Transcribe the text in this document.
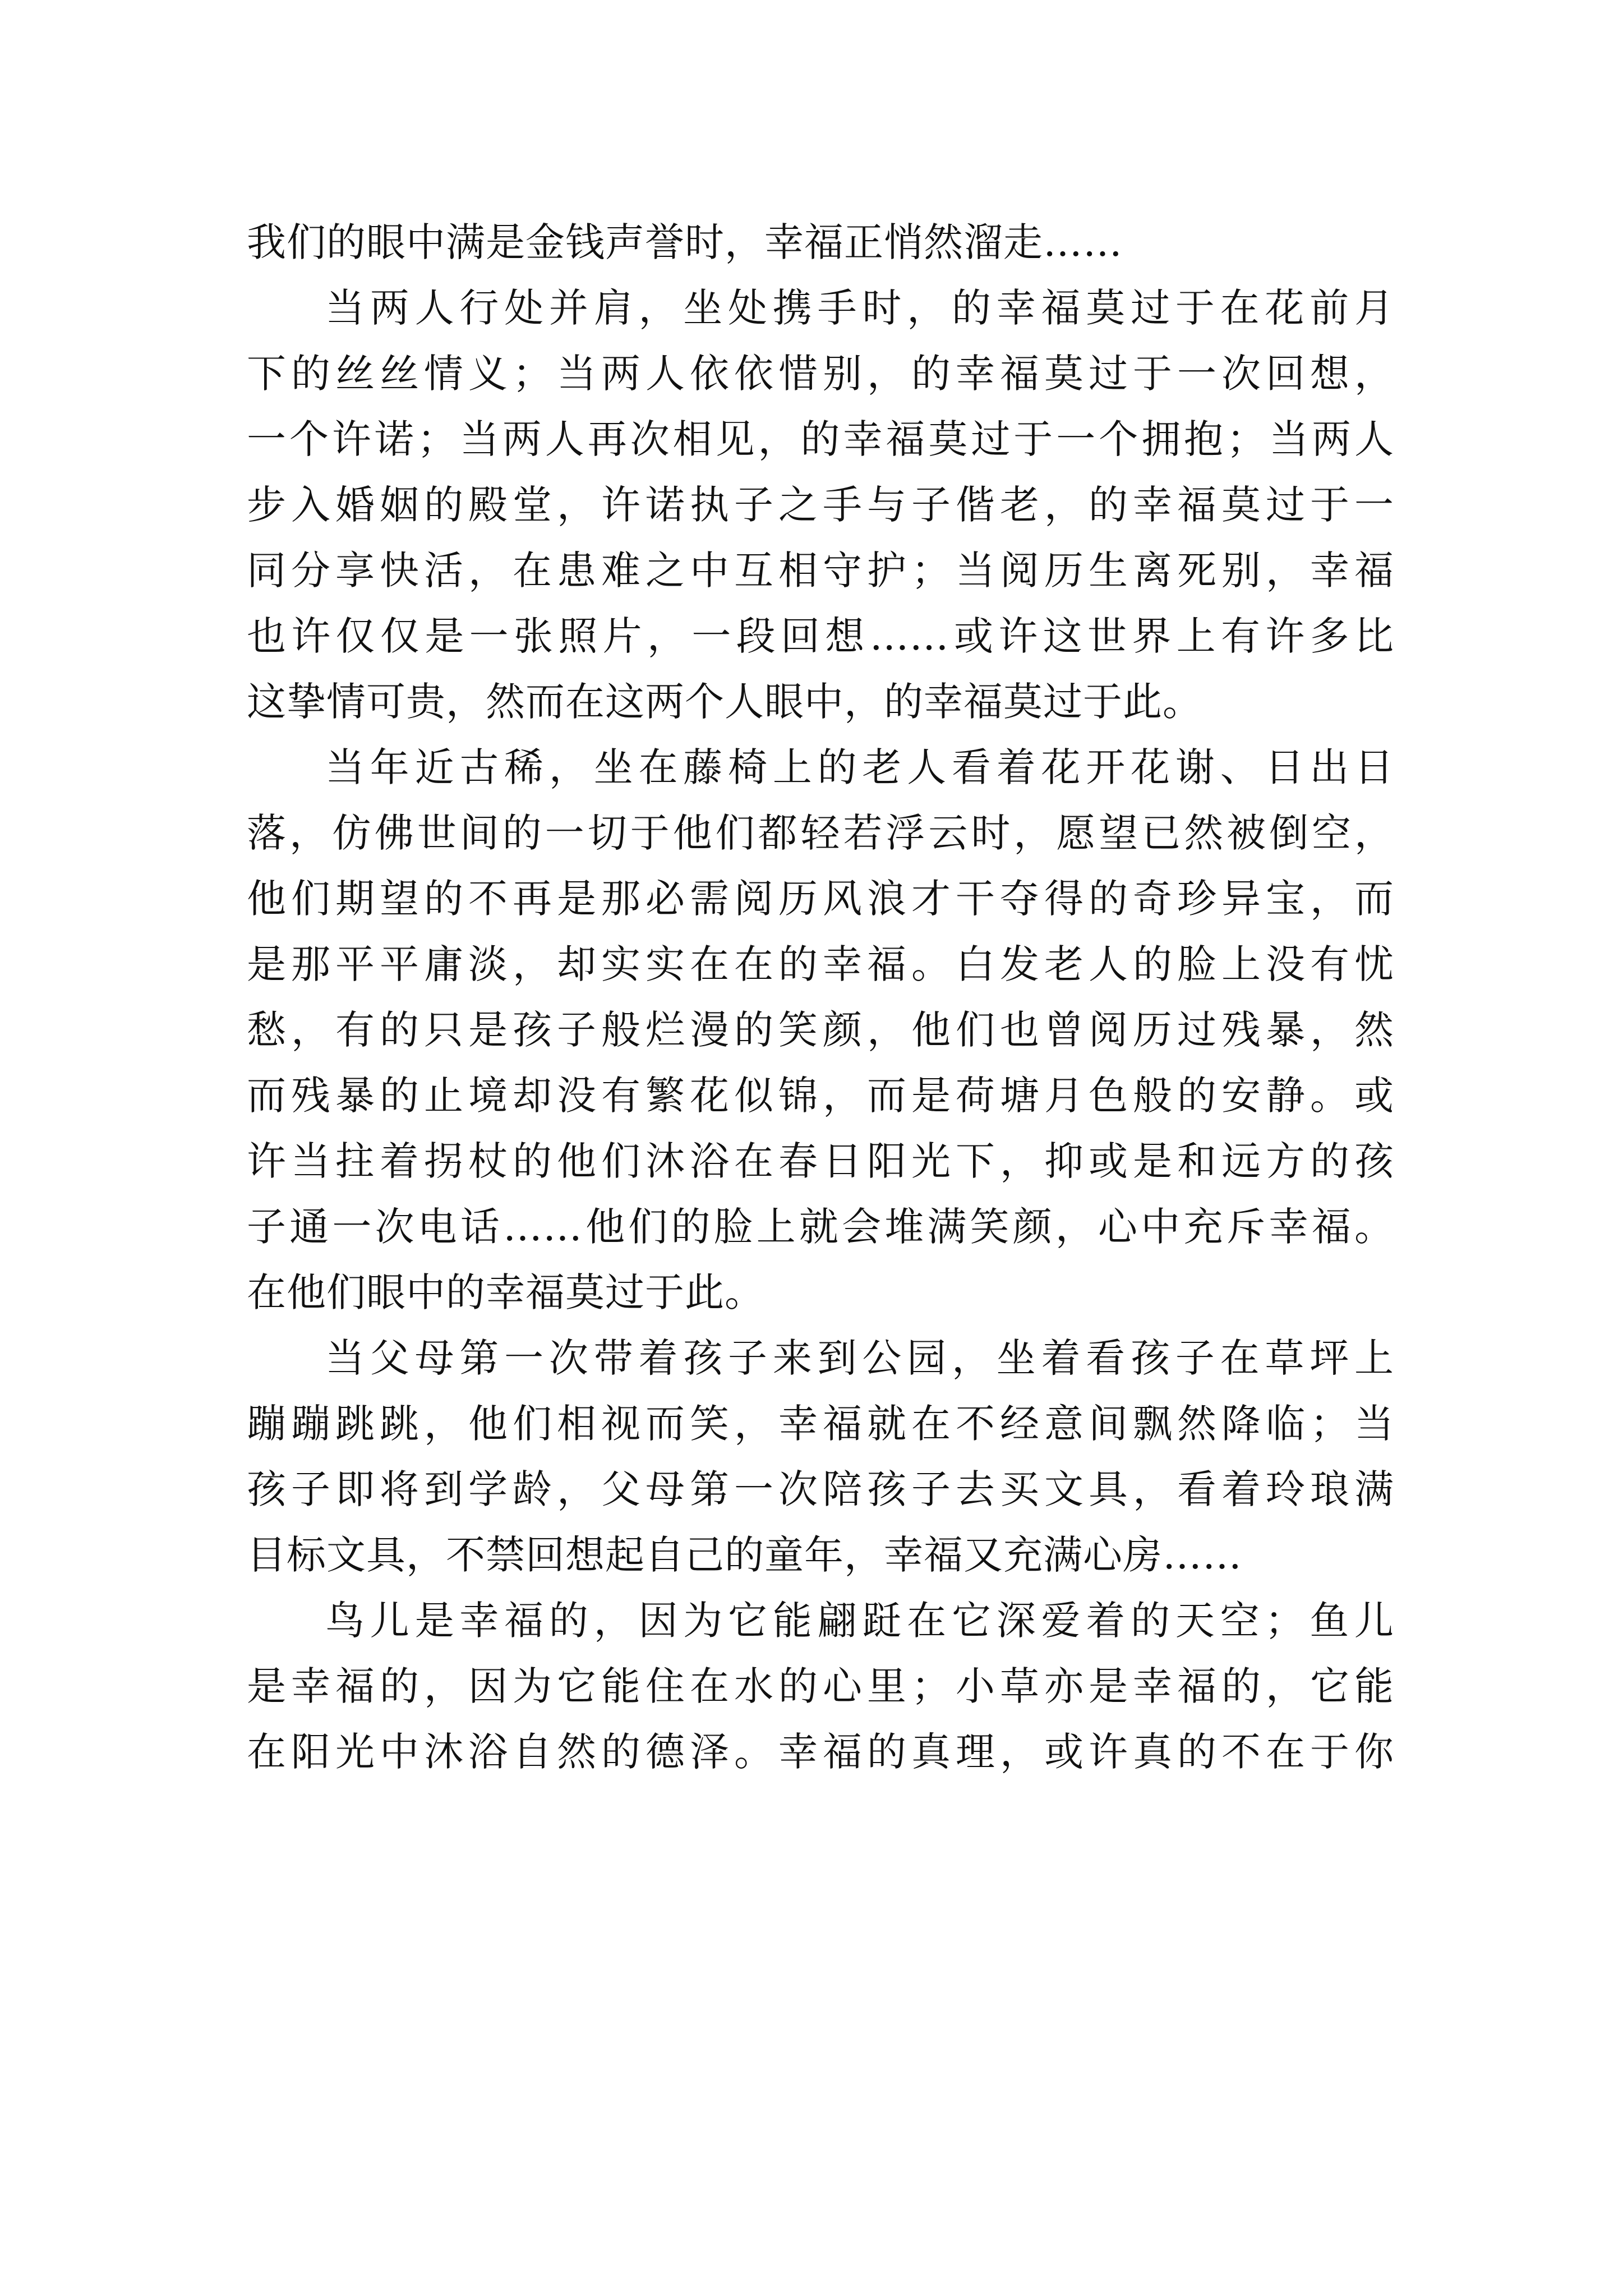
我们的眼中满是金钱声誉时，幸福正悄然溜走……
当两人行处并肩，坐处携手时，的幸福莫过于在花前月
下的丝丝情义；当两人依依惜别，的幸福莫过于一次回想，
一个许诺；当两人再次相见，的幸福莫过于一个拥抱；当两人
步入婚姻的殿堂，许诺执子之手与子偕老，的幸福莫过于一
同分享快活，在患难之中互相守护；当阅历生离死别，幸福
也许仅仅是一张照片，一段回想……或许这世界上有许多比
这挚情可贵，然而在这两个人眼中，的幸福莫过于此。
当年近古稀，坐在藤椅上的老人看着花开花谢、日出日
落，仿佛世间的一切于他们都轻若浮云时，愿望已然被倒空，
他们期望的不再是那必需阅历风浪才干夺得的奇珍异宝，而
是那平平庸淡，却实实在在的幸福。白发老人的脸上没有忧
愁，有的只是孩子般烂漫的笑颜，他们也曾阅历过残暴，然
而残暴的止境却没有繁花似锦，而是荷塘月色般的安静。或
许当拄着拐杖的他们沐浴在春日阳光下，抑或是和远方的孩
子通一次电话……他们的脸上就会堆满笑颜，心中充斥幸福。
在他们眼中的幸福莫过于此。
当父母第一次带着孩子来到公园，坐着看孩子在草坪上
蹦蹦跳跳，他们相视而笑，幸福就在不经意间飘然降临；当
孩子即将到学龄，父母第一次陪孩子去买文具，看着玲琅满
目标文具，不禁回想起自己的童年，幸福又充满心房……
鸟儿是幸福的，因为它能翩跹在它深爱着的天空；鱼儿
是幸福的，因为它能住在水的心里；小草亦是幸福的，它能
在阳光中沐浴自然的德泽。幸福的真理，或许真的不在于你
